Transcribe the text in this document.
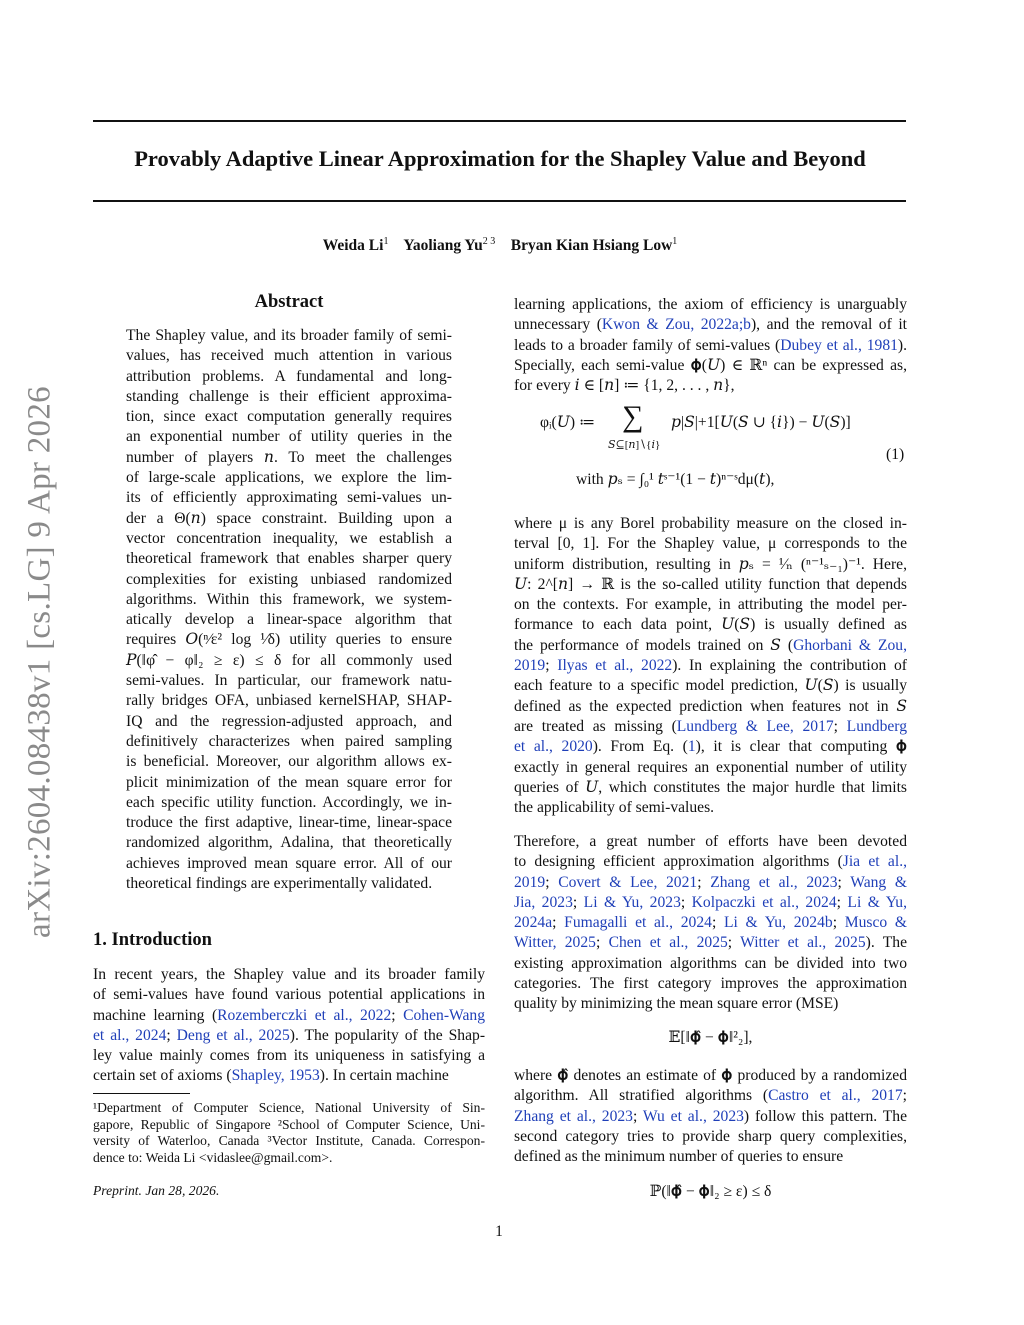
arXiv:2604.08438v1 [cs.LG] 9 Apr 2026
Provably Adaptive Linear Approximation for the Shapley Value and Beyond
Weida Li$^1$ Yaoliang $Yu^{2 3}$ Bryan Kian Hsiang Low$^1$
Abstract
The Shapley value, and its broader family of semi-
values, has received much attention in various
attribution problems. A fundamental and long-
standing challenge is their efficient approxima-
tion, since exact computation generally requires
an exponential number of utility queries in the
number of players 𝑛. To meet the challenges
of large-scale applications, we explore the lim-
its of efficiently approximating semi-values un-
der a Θ(𝑛) space constraint. Building upon a
vector concentration inequality, we establish a
theoretical framework that enables sharper query
complexities for existing unbiased randomized
algorithms. Within this framework, we system-
atically develop a linear-space algorithm that
requires 𝑂(ⁿ⁄ε² log ¹⁄δ) utility queries to ensure
𝑃(‖φ̂ − φ‖₂ ≥ ε) ≤ δ for all commonly used
semi-values. In particular, our framework natu-
rally bridges OFA, unbiased kernelSHAP, SHAP-
IQ and the regression-adjusted approach, and
definitively characterizes when paired sampling
is beneficial. Moreover, our algorithm allows ex-
plicit minimization of the mean square error for
each specific utility function. Accordingly, we in-
troduce the first adaptive, linear-time, linear-space
randomized algorithm, Adalina, that theoretically
achieves improved mean square error. All of our
theoretical findings are experimentally validated.
1. Introduction
In recent years, the Shapley value and its broader family
of semi-values have found various potential applications in
machine learning (Rozemberczki et al., 2022; Cohen-Wang
et al., 2024; Deng et al., 2025). The popularity of the Shap-
ley value mainly comes from its uniqueness in satisfying a
certain set of axioms (Shapley, 1953). In certain machine
¹Department of Computer Science, National University of Sin-
gapore, Republic of Singapore ²School of Computer Science, Uni-
versity of Waterloo, Canada ³Vector Institute, Canada. Correspon-
dence to: Weida Li <vidaslee@gmail.com>.
Preprint. Jan 28, 2026.
learning applications, the axiom of efficiency is unarguably
unnecessary (Kwon & Zou, 2022a;b), and the removal of it
leads to a broader family of semi-values (Dubey et al., 1981).
Specially, each semi-value 𝛟(𝑈) ∈ ℝⁿ can be expressed as,
for every 𝑖 ∈ [𝑛] ≔ {1, 2, . . . , 𝑛},
φᵢ(𝑈) ≔ ∑
𝑆⊆[𝑛]∖{𝑖}
𝑝|𝑆|+1[𝑈(𝑆 ∪ {𝑖}) − 𝑈(𝑆)]
with 𝑝ₛ = ∫₀¹ 𝑡ˢ⁻¹(1 − 𝑡)ⁿ⁻ˢdμ(𝑡),
(1)
where μ is any Borel probability measure on the closed in-
terval [0, 1]. For the Shapley value, μ corresponds to the
uniform distribution, resulting in 𝑝ₛ = ¹⁄ₙ (ⁿ⁻¹ₛ₋₁)⁻¹. Here,
𝑈: 2^[𝑛] → ℝ is the so-called utility function that depends
on the contexts. For example, in attributing the model per-
formance to each data point, 𝑈(𝑆) is usually defined as
the performance of models trained on 𝑆 (Ghorbani & Zou,
2019; Ilyas et al., 2022). In explaining the contribution of
each feature to a specific model prediction, 𝑈(𝑆) is usually
defined as the expected prediction when features not in 𝑆
are treated as missing (Lundberg & Lee, 2017; Lundberg
et al., 2020). From Eq. (1), it is clear that computing 𝛟
exactly in general requires an exponential number of utility
queries of 𝑈, which constitutes the major hurdle that limits
the applicability of semi-values.
Therefore, a great number of efforts have been devoted
to designing efficient approximation algorithms (Jia et al.,
2019; Covert & Lee, 2021; Zhang et al., 2023; Wang &
Jia, 2023; Li & Yu, 2023; Kolpaczki et al., 2024; Li & Yu,
2024a; Fumagalli et al., 2024; Li & Yu, 2024b; Musco &
Witter, 2025; Chen et al., 2025; Witter et al., 2025). The
existing approximation algorithms can be divided into two
categories. The first category improves the approximation
quality by minimizing the mean square error (MSE)
𝔼[‖𝛟̂ − 𝛟‖²₂],
where 𝛟̂ denotes an estimate of 𝛟 produced by a randomized
algorithm. All stratified algorithms (Castro et al., 2017;
Zhang et al., 2023; Wu et al., 2023) follow this pattern. The
second category tries to provide sharp query complexities,
defined as the minimum number of queries to ensure
ℙ(‖𝛟̂ − 𝛟‖₂ ≥ ε) ≤ δ
1
